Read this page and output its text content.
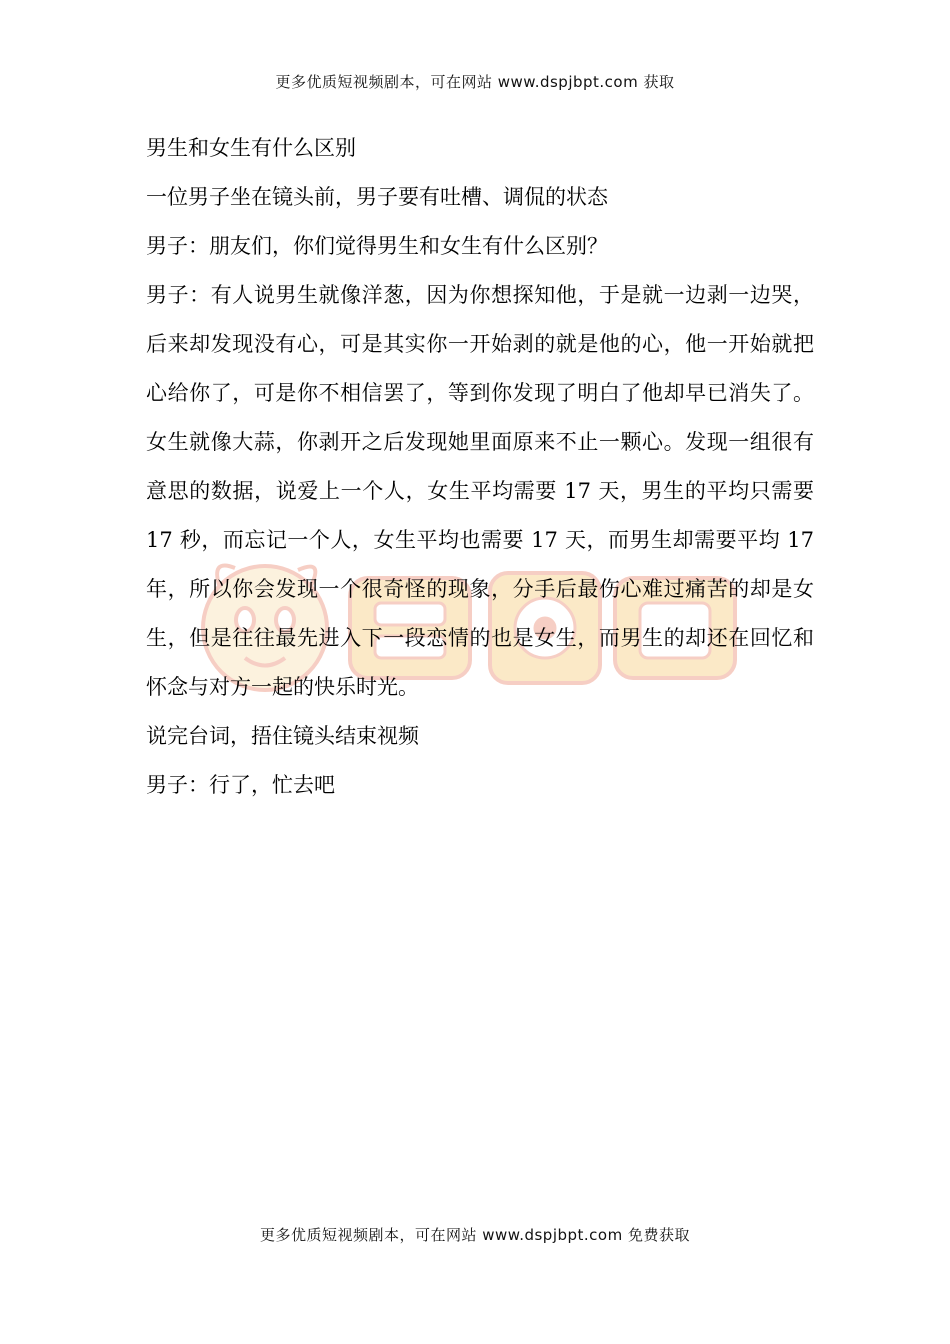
更多优质短视频剧本，可在网站 www.dspjbpt.com 获取

男生和女生有什么区别

一位男子坐在镜头前，男子要有吐槽、调侃的状态

男子：朋友们，你们觉得男生和女生有什么区别？

男子：有人说男生就像洋葱，因为你想探知他，于是就一边剥一边哭，后来却发现没有心，可是其实你一开始剥的就是他的心，他一开始就把心给你了，可是你不相信罢了，等到你发现了明白了他却早已消失了。女生就像大蒜，你剥开之后发现她里面原来不止一颗心。发现一组很有意思的数据，说爱上一个人，女生平均需要 17 天，男生的平均只需要 17 秒，而忘记一个人，女生平均也需要 17 天，而男生却需要平均 17 年，所以你会发现一个很奇怪的现象，分手后最伤心难过痛苦的却是女生，但是往往最先进入下一段恋情的也是女生，而男生的却还在回忆和怀念与对方一起的快乐时光。

说完台词，捂住镜头结束视频

男子：行了，忙去吧

更多优质短视频剧本，可在网站 www.dspjbpt.com 免费获取
